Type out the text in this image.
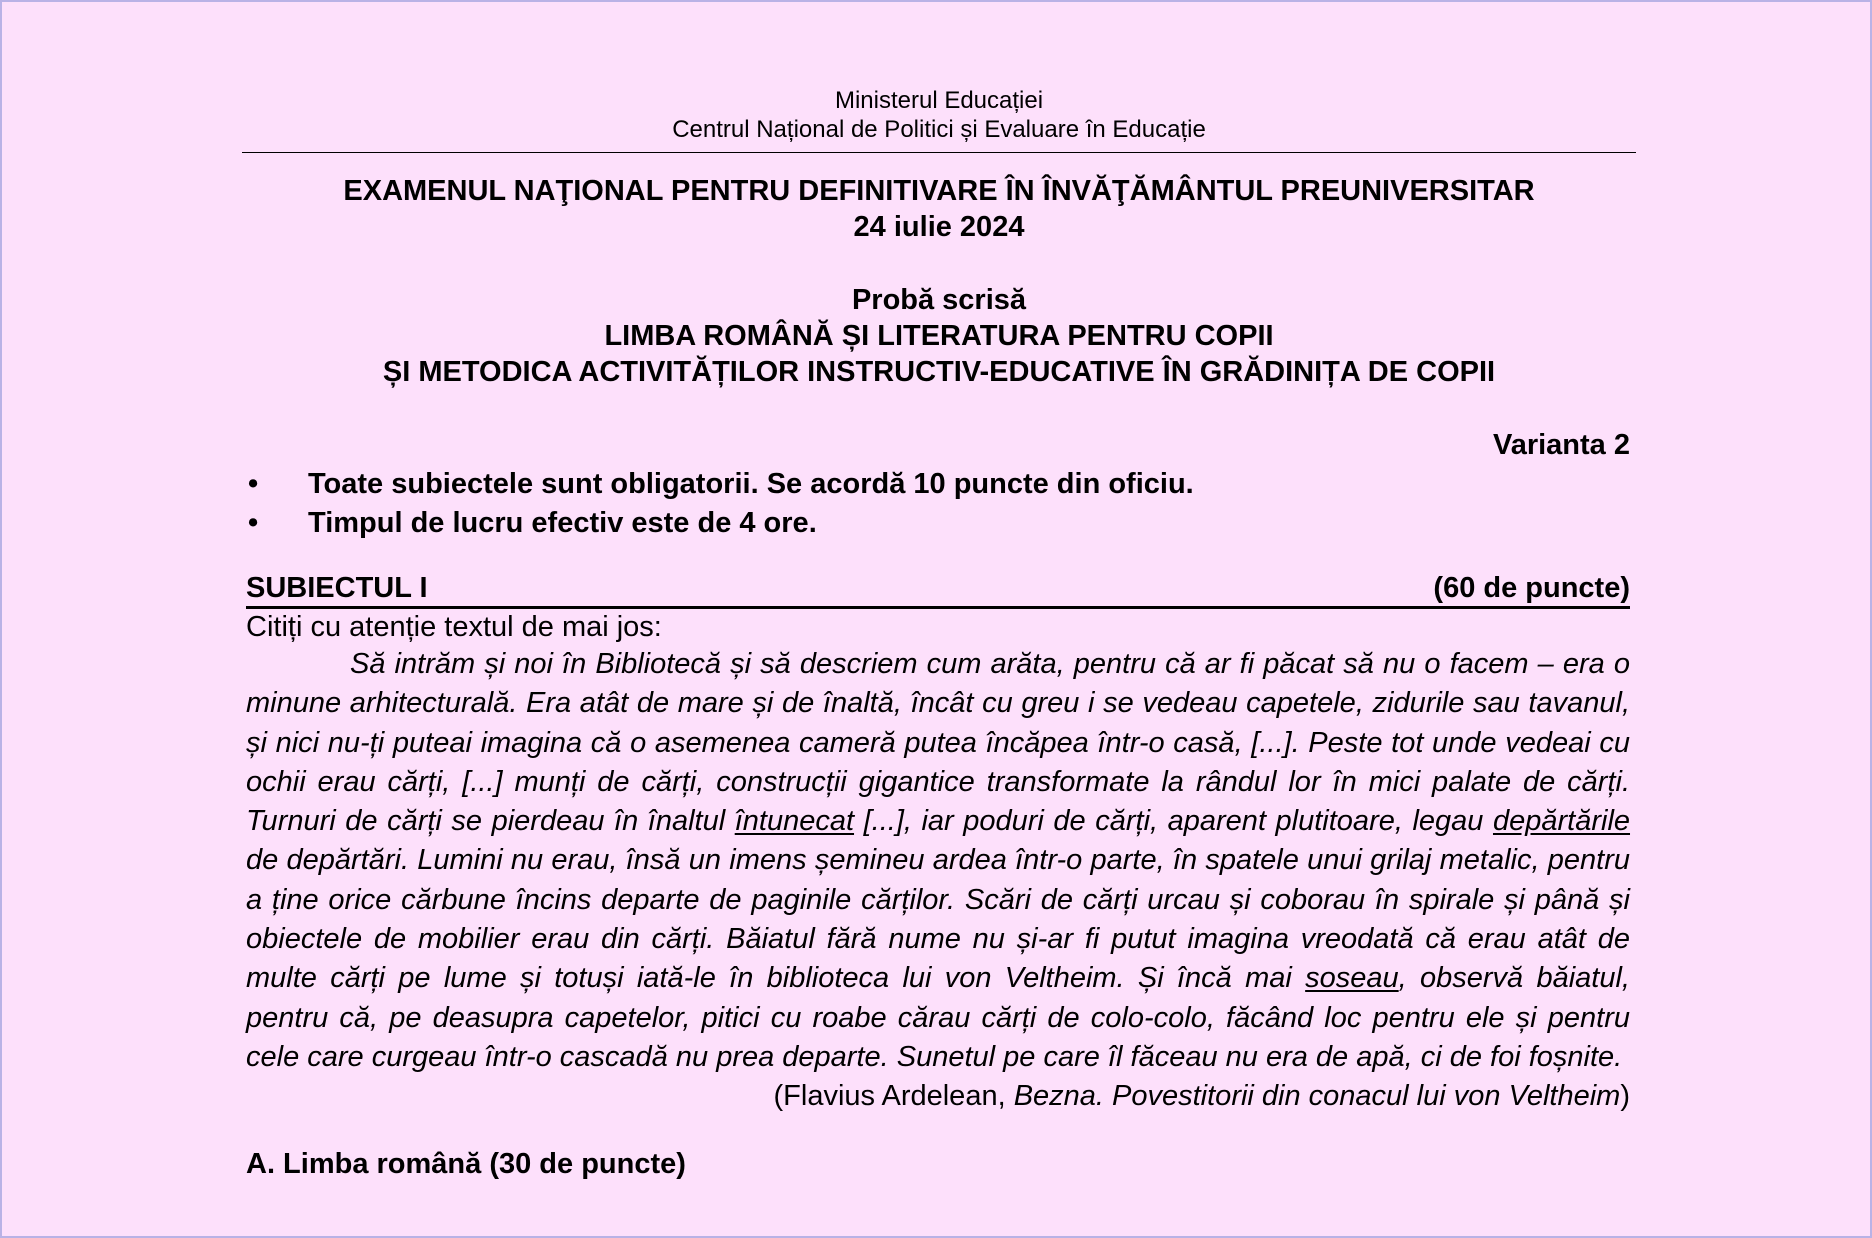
Ministerul Educației
Centrul Național de Politici și Evaluare în Educație
EXAMENUL NAŢIONAL PENTRU DEFINITIVARE ÎN ÎNVĂŢĂMÂNTUL PREUNIVERSITAR
24 iulie 2024
Probă scrisă
LIMBA ROMÂNĂ ȘI LITERATURA PENTRU COPII
ȘI METODICA ACTIVITĂȚILOR INSTRUCTIV-EDUCATIVE ÎN GRĂDINIȚA DE COPII
Varianta 2
•	Toate subiectele sunt obligatorii. Se acordă 10 puncte din oficiu.
•	Timpul de lucru efectiv este de 4 ore.
SUBIECTUL I	(60 de puncte)
Citiți cu atenție textul de mai jos:
Să intrăm și noi în Bibliotecă și să descriem cum arăta, pentru că ar fi păcat să nu o facem – era o minune arhitecturală. Era atât de mare și de înaltă, încât cu greu i se vedeau capetele, zidurile sau tavanul, și nici nu-ți puteai imagina că o asemenea cameră putea încăpea într-o casă, [...]. Peste tot unde vedeai cu ochii erau cărți, [...] munți de cărți, construcții gigantice transformate la rândul lor în mici palate de cărți. Turnuri de cărți se pierdeau în înaltul întunecat [...], iar poduri de cărți, aparent plutitoare, legau depărtările de depărtări. Lumini nu erau, însă un imens șemineu ardea într-o parte, în spatele unui grilaj metalic, pentru a ține orice cărbune încins departe de paginile cărților. Scări de cărți urcau și coborau în spirale și până și obiectele de mobilier erau din cărți. Băiatul fără nume nu și-ar fi putut imagina vreodată că erau atât de multe cărți pe lume și totuși iată-le în biblioteca lui von Veltheim. Și încă mai soseau, observă băiatul, pentru că, pe deasupra capetelor, pitici cu roabe cărau cărți de colo-colo, făcând loc pentru ele și pentru cele care curgeau într-o cascadă nu prea departe. Sunetul pe care îl făceau nu era de apă, ci de foi foșnite.
(Flavius Ardelean, Bezna. Povestitorii din conacul lui von Veltheim)
A. Limba română (30 de puncte)
